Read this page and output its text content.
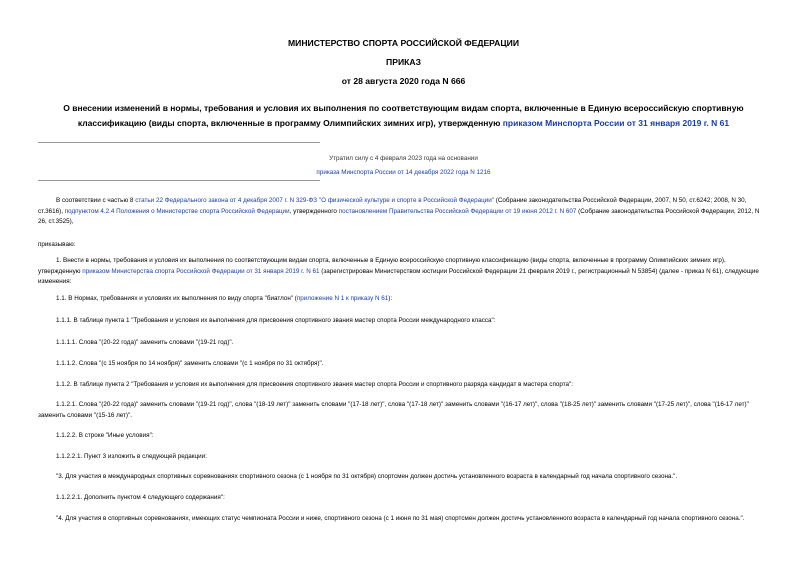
МИНИСТЕРСТВО СПОРТА РОССИЙСКОЙ ФЕДЕРАЦИИ
ПРИКАЗ
от 28 августа 2020 года N 666
О внесении изменений в нормы, требования и условия их выполнения по соответствующим видам спорта, включенные в Единую всероссийскую спортивную классификацию (виды спорта, включенные в программу Олимпийских зимних игр), утвержденную приказом Минспорта России от 31 января 2019 г. N 61
Утратил силу с 4 февраля 2023 года на основании
приказа Минспорта России от 14 декабря 2022 года N 1216
В соответствии с частью 8 статьи 22 Федерального закона от 4 декабря 2007 г. N 329-ФЗ "О физической культуре и спорте в Российской Федерации" (Собрание законодательства Российской Федерации, 2007, N 50, ст.6242; 2008, N 30, ст.3616), подпунктом 4.2.4 Положения о Министерстве спорта Российской Федерации, утвержденного постановлением Правительства Российской Федерации от 19 июня 2012 г. N 607 (Собрание законодательства Российской Федерации, 2012, N 26, ст.3525),
приказываю:
1. Внести в нормы, требования и условия их выполнения по соответствующим видам спорта, включенные в Единую всероссийскую спортивную классификацию (виды спорта, включенные в программу Олимпийских зимних игр), утвержденную приказом Министерства спорта Российской Федерации от 31 января 2019 г. N 61 (зарегистрирован Министерством юстиции Российской Федерации 21 февраля 2019 г., регистрационный N 53854) (далее - приказ N 61), следующие изменения:
1.1. В Нормах, требованиях и условиях их выполнения по виду спорта "биатлон" (приложение N 1 к приказу N 61):
1.1.1. В таблице пункта 1 "Требования и условия их выполнения для присвоения спортивного звания мастер спорта России международного класса":
1.1.1.1. Слова "(20-22 года)" заменить словами "(19-21 год)".
1.1.1.2. Слова "(с 15 ноября по 14 ноября)" заменить словами "(с 1 ноября по 31 октября)".
1.1.2. В таблице пункта 2 "Требования и условия их выполнения для присвоения спортивного звания мастер спорта России и спортивного разряда кандидат в мастера спорта":
1.1.2.1. Слова "(20-22 года)" заменить словами "(19-21 год)", слова "(18-19 лет)" заменить словами "(17-18 лет)", слова "(17-18 лет)" заменить словами "(16-17 лет)", слова "(18-25 лет)" заменить словами "(17-25 лет)", слова "(16-17 лет)" заменить словами "(15-16 лет)".
1.1.2.2. В строке "Иные условия":
1.1.2.2.1. Пункт 3 изложить в следующей редакции:
"3. Для участия в международных спортивных соревнованиях спортивного сезона (с 1 ноября по 31 октября) спортсмен должен достичь установленного возраста в календарный год начала спортивного сезона.".
1.1.2.2.1. Дополнить пунктом 4 следующего содержания":
"4. Для участия в спортивных соревнованиях, имеющих статус чемпионата России и ниже, спортивного сезона (с 1 июня по 31 мая) спортсмен должен достичь установленного возраста в календарный год начала спортивного сезона.".
